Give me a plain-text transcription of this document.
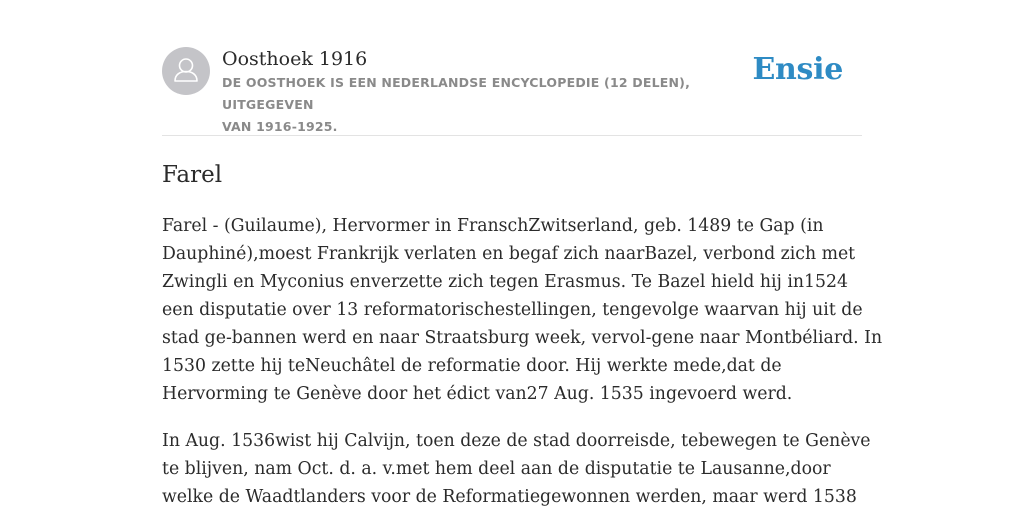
Oosthoek 1916
DE OOSTHOEK IS EEN NEDERLANDSE ENCYCLOPEDIE (12 DELEN), UITGEGEVEN
VAN 1916-1925.
Ensie
Farel

Farel - (Guilaume), Hervormer in FranschZwitserland, geb. 1489 te Gap (in
Dauphiné),moest Frankrijk verlaten en begaf zich naarBazel, verbond zich met
Zwingli en Myconius enverzette zich tegen Erasmus. Te Bazel hield hij in1524
een disputatie over 13 reformatorischestellingen, tengevolge waarvan hij uit de
stad ge-bannen werd en naar Straatsburg week, vervol-gene naar Montbéliard. In
1530 zette hij teNeuchâtel de reformatie door. Hij werkte mede,dat de
Hervorming te Genève door het édict van27 Aug. 1535 ingevoerd werd.

In Aug. 1536wist hij Calvijn, toen deze de stad doorreisde, tebewegen te Genève
te blijven, nam Oct. d. a. v.met hem deel aan de disputatie te Lausanne,door
welke de Waadtlanders voor de Reformatiegewonnen werden, maar werd 1538
